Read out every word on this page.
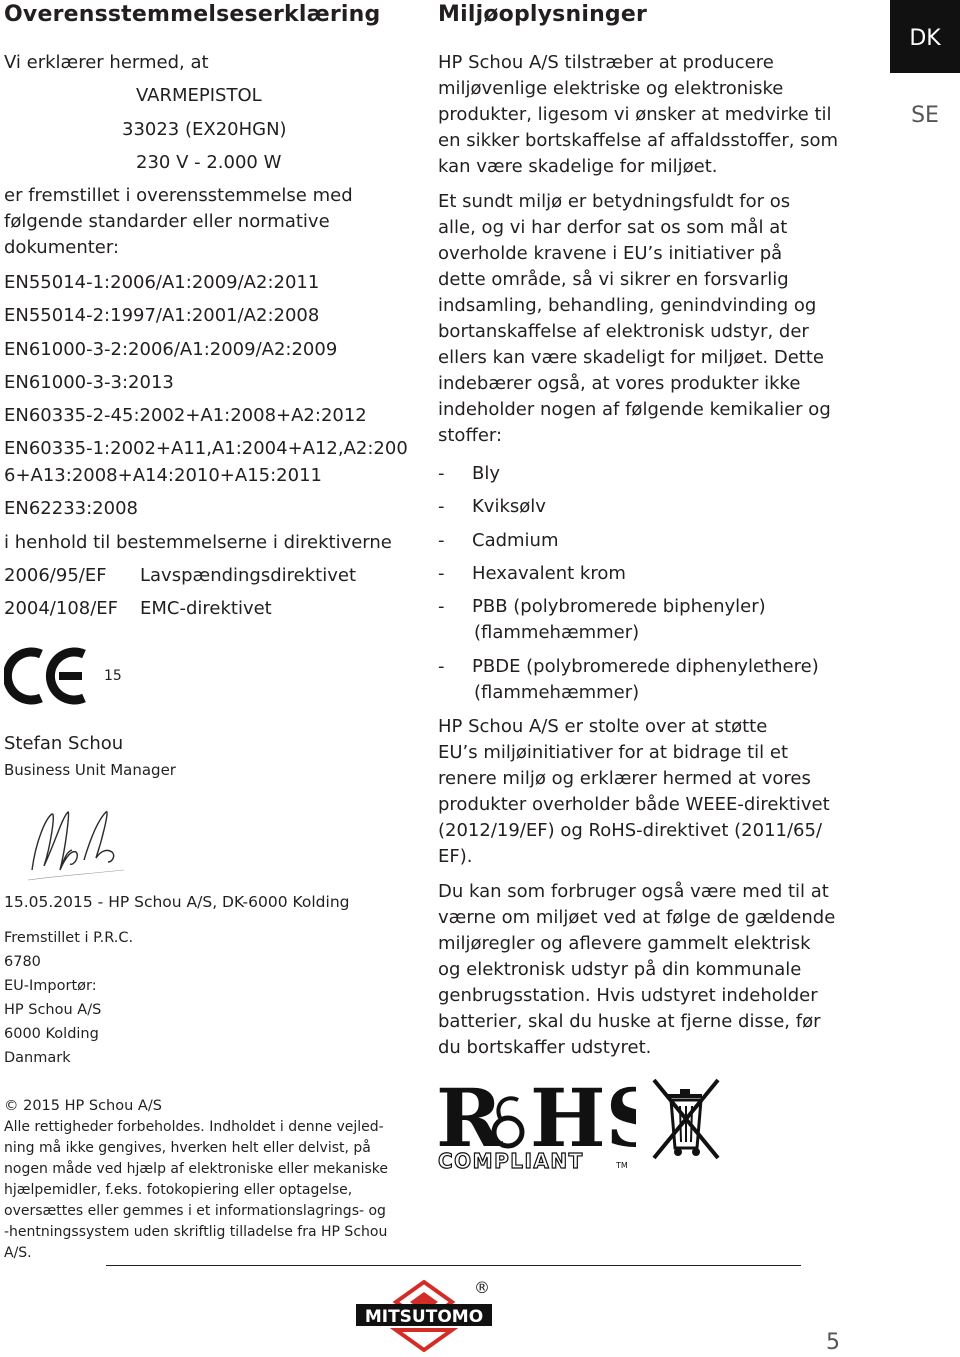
Overensstemmelseserklæring
Vi erklærer hermed, at
VARMEPISTOL
33023 (EX20HGN)
230 V - 2.000 W
er fremstillet i overensstemmelse med
følgende standarder eller normative
dokumenter:
EN55014-1:2006/A1:2009/A2:2011
EN55014-2:1997/A1:2001/A2:2008
EN61000-3-2:2006/A1:2009/A2:2009
EN61000-3-3:2013
EN60335-2-45:2002+A1:2008+A2:2012
EN60335-1:2002+A11,A1:2004+A12,A2:200
6+A13:2008+A14:2010+A15:2011
EN62233:2008
i henhold til bestemmelserne i direktiverne
2006/95/EF Lavspændingsdirektivet
2004/108/EF EMC-direktivet
15
Stefan Schou
Business Unit Manager
15.05.2015 - HP Schou A/S, DK-6000 Kolding
Fremstillet i P.R.C.
6780
EU-Importør:
HP Schou A/S
6000 Kolding
Danmark
© 2015 HP Schou A/S
Alle rettigheder forbeholdes. Indholdet i denne vejled-
ning må ikke gengives, hverken helt eller delvist, på
nogen måde ved hjælp af elektroniske eller mekaniske
hjælpemidler, f.eks. fotokopiering eller optagelse,
oversættes eller gemmes i et informationslagrings- og
-hentningssystem uden skriftlig tilladelse fra HP Schou
A/S.
Miljøoplysninger
HP Schou A/S tilstræber at producere
miljøvenlige elektriske og elektroniske
produkter, ligesom vi ønsker at medvirke til
en sikker bortskaffelse af affaldsstoffer, som
kan være skadelige for miljøet.
Et sundt miljø er betydningsfuldt for os
alle, og vi har derfor sat os som mål at
overholde kravene i EU’s initiativer på
dette område, så vi sikrer en forsvarlig
indsamling, behandling, genindvinding og
bortanskaffelse af elektronisk udstyr, der
ellers kan være skadeligt for miljøet. Dette
indebærer også, at vores produkter ikke
indeholder nogen af følgende kemikalier og
stoffer:
-	Bly
-	Kviksølv
-	Cadmium
-	Hexavalent krom
-	PBB (polybromerede biphenyler)
(flammehæmmer)
-	PBDE (polybromerede diphenylethere)
(flammehæmmer)
HP Schou A/S er stolte over at støtte
EU’s miljøinitiativer for at bidrage til et
renere miljø og erklærer hermed at vores
produkter overholder både WEEE-direktivet
(2012/19/EF) og RoHS-direktivet (2011/65/
EF).
Du kan som forbruger også være med til at
værne om miljøet ved at følge de gældende
miljøregler og aflevere gammelt elektrisk
og elektronisk udstyr på din kommunale
genbrugsstation. Hvis udstyret indeholder
batterier, skal du huske at fjerne disse, før
du bortskaffer udstyret.
R HS
COMPLIANT	TM
MITSUTOMO
®
DK
SE
5
